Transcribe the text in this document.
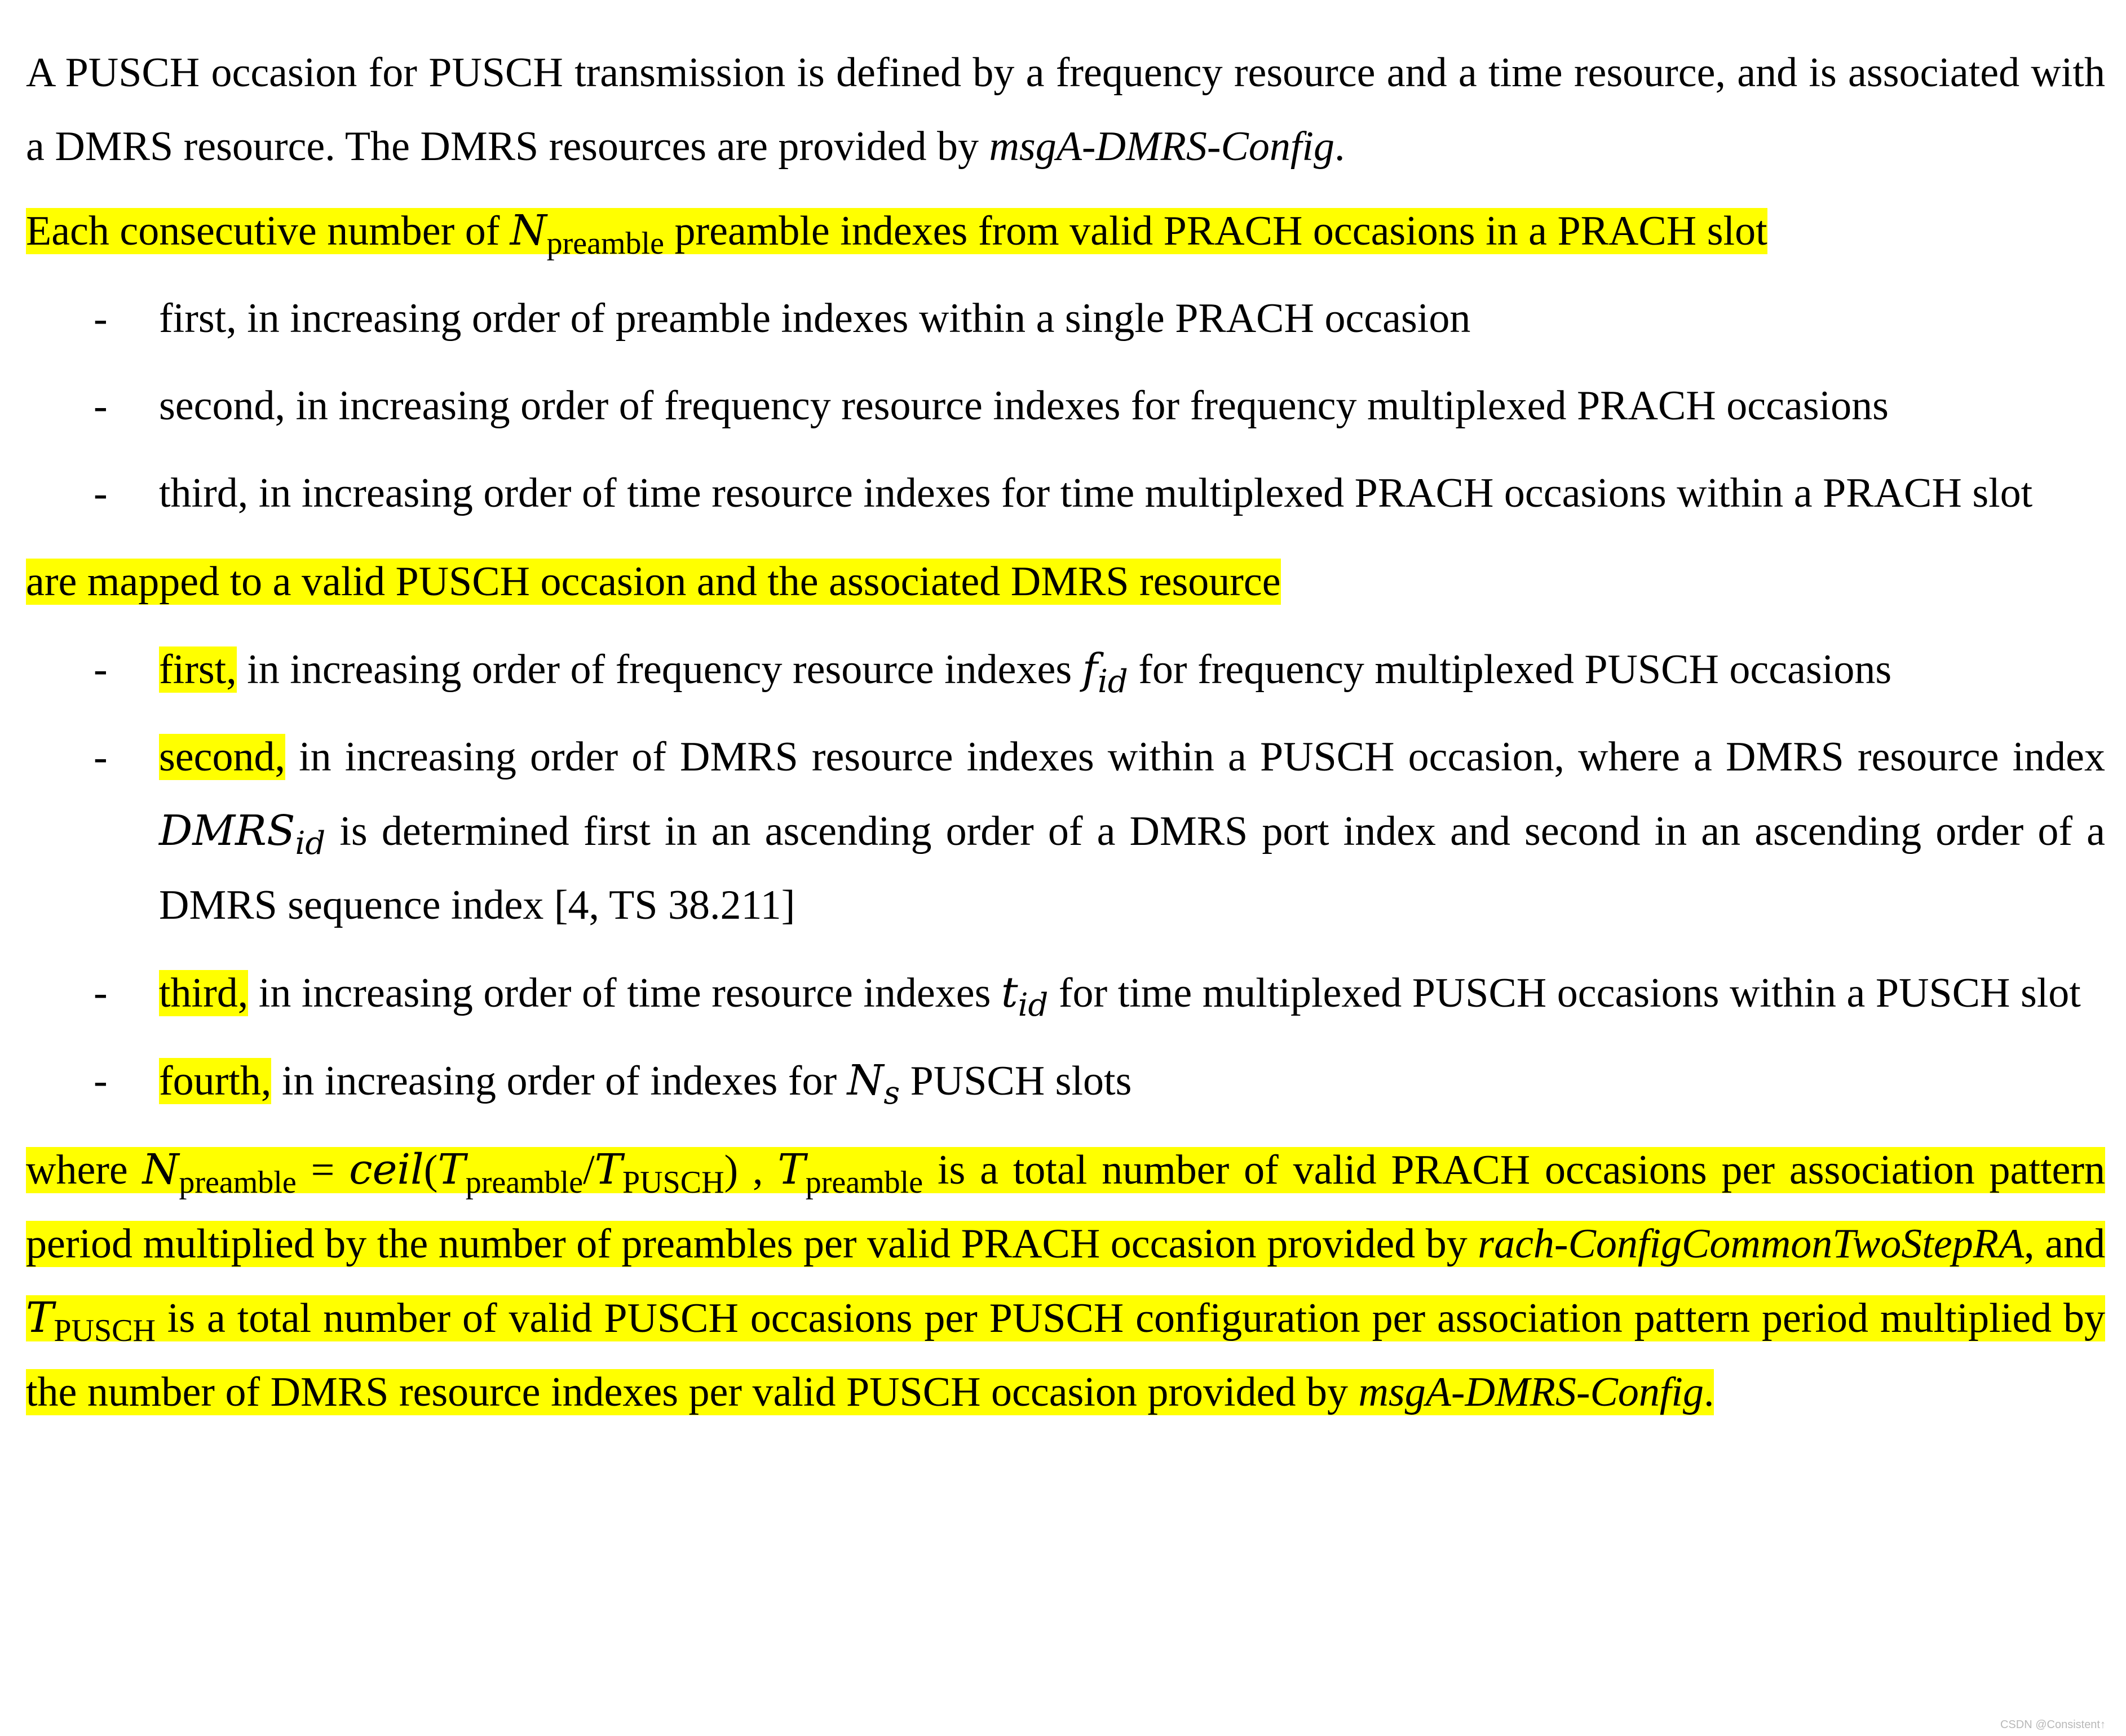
A PUSCH occasion for PUSCH transmission is defined by a frequency resource and a time resource, and is associated with a DMRS resource. The DMRS resources are provided by msgA-DMRS-Config.

Each consecutive number of $N_{preamble}$ preamble indexes from valid PRACH occasions in a PRACH slot

- first, in increasing order of preamble indexes within a single PRACH occasion

- second, in increasing order of frequency resource indexes for frequency multiplexed PRACH occasions

- third, in increasing order of time resource indexes for time multiplexed PRACH occasions within a PRACH slot

are mapped to a valid PUSCH occasion and the associated DMRS resource

- first, in increasing order of frequency resource indexes $f_{id}$ for frequency multiplexed PUSCH occasions

- second, in increasing order of DMRS resource indexes within a PUSCH occasion, where a DMRS resource index $DMRS_{id}$ is determined first in an ascending order of a DMRS port index and second in an ascending order of a DMRS sequence index [4, TS 38.211]

- third, in increasing order of time resource indexes $t_{id}$ for time multiplexed PUSCH occasions within a PUSCH slot

- fourth, in increasing order of indexes for $N_s$ PUSCH slots

where $N_{preamble}$ = $ceil(T_{preamble}/T_{PUSCH})$ , $T_{preamble}$ is a total number of valid PRACH occasions per association pattern period multiplied by the number of preambles per valid PRACH occasion provided by rach-ConfigCommonTwoStepRA, and $T_{PUSCH}$ is a total number of valid PUSCH occasions per PUSCH configuration per association pattern period multiplied by the number of DMRS resource indexes per valid PUSCH occasion provided by msgA-DMRS-Config.

CSDN @Consistent↑
